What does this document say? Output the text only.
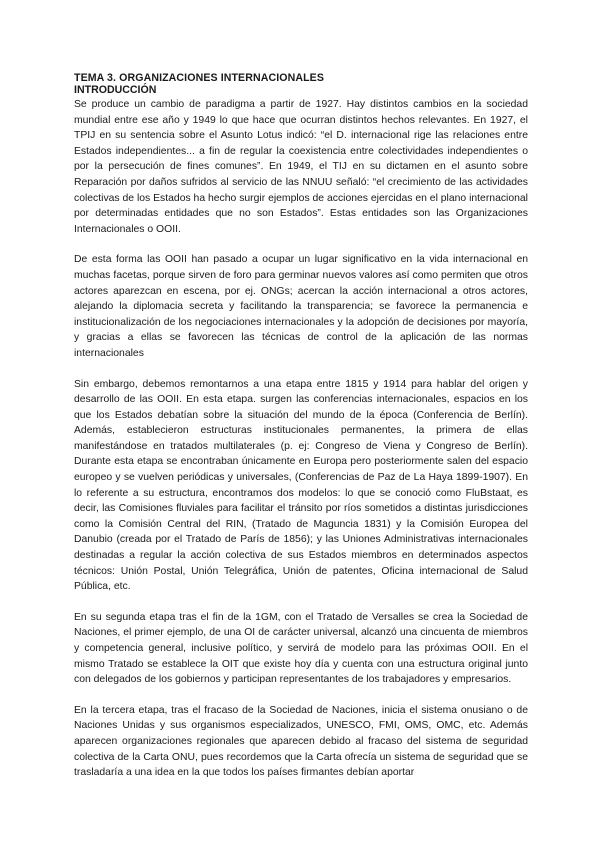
TEMA 3. ORGANIZACIONES INTERNACIONALES
INTRODUCCIÓN

Se produce un cambio de paradigma a partir de 1927. Hay distintos cambios en la sociedad mundial entre ese año y 1949 lo que hace que ocurran distintos hechos relevantes. En 1927, el TPIJ en su sentencia sobre el Asunto Lotus indicó: “el D. internacional rige las relaciones entre Estados independientes... a fin de regular la coexistencia entre colectividades independientes o por la persecución de fines comunes”. En 1949, el TIJ en su dictamen en el asunto sobre Reparación por daños sufridos al servicio de las NNUU señaló: “el crecimiento de las actividades colectivas de los Estados ha hecho surgir ejemplos de acciones ejercidas en el plano internacional por determinadas entidades que no son Estados”. Estas entidades son las Organizaciones Internacionales o OOII.

De esta forma las OOII han pasado a ocupar un lugar significativo en la vida internacional en muchas facetas, porque sirven de foro para germinar nuevos valores así como permiten que otros actores aparezcan en escena, por ej. ONGs; acercan la acción internacional a otros actores, alejando la diplomacia secreta y facilitando la transparencia; se favorece la permanencia e institucionalización de los negociaciones internacionales y la adopción de decisiones por mayoría, y gracias a ellas se favorecen las técnicas de control de la aplicación de las normas internacionales

Sin embargo, debemos remontarnos a una etapa entre 1815 y 1914 para hablar del origen y desarrollo de las OOII. En esta etapa. surgen las conferencias internacionales, espacios en los que los Estados debatían sobre la situación del mundo de la época (Conferencia de Berlín). Además, establecieron estructuras institucionales permanentes, la primera de ellas manifestándose en tratados multilaterales (p. ej: Congreso de Viena y Congreso de Berlín). Durante esta etapa se encontraban únicamente en Europa pero posteriormente salen del espacio europeo y se vuelven periódicas y universales, (Conferencias de Paz de La Haya 1899-1907). En lo referente a su estructura, encontramos dos modelos: lo que se conoció como FluBstaat, es decir, las Comisiones fluviales para facilitar el tránsito por ríos sometidos a distintas jurisdicciones como la Comisión Central del RIN, (Tratado de Maguncia 1831) y la Comisión Europea del Danubio (creada por el Tratado de París de 1856); y las Uniones Administrativas internacionales destinadas a regular la acción colectiva de sus Estados miembros en determinados aspectos técnicos: Unión Postal, Unión Telegráfica, Unión de patentes, Oficina internacional de Salud Pública, etc.

En su segunda etapa tras el fin de la 1GM, con el Tratado de Versalles se crea la Sociedad de Naciones, el primer ejemplo, de una OI de carácter universal, alcanzó una cincuenta de miembros y competencia general, inclusive político, y servirá de modelo para las próximas OOII. En el mismo Tratado se establece la OIT que existe hoy día y cuenta con una estructura original junto con delegados de los gobiernos y participan representantes de los trabajadores y empresarios.

En la tercera etapa, tras el fracaso de la Sociedad de Naciones, inicia el sistema onusiano o de Naciones Unidas y sus organismos especializados, UNESCO, FMI, OMS, OMC, etc. Además aparecen organizaciones regionales que aparecen debido al fracaso del sistema de seguridad colectiva de la Carta ONU, pues recordemos que la Carta ofrecía un sistema de seguridad que se trasladaría a una idea en la que todos los países firmantes debían aportar
